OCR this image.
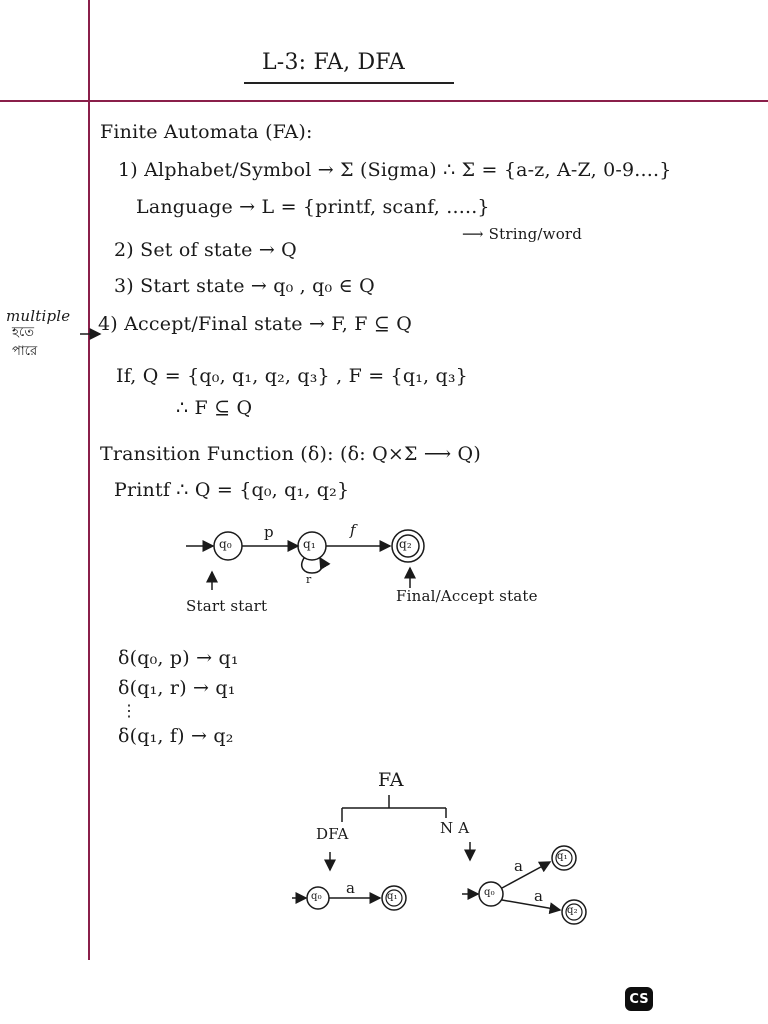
L-3: FA, DFA
multiple
হতে
পারে
Finite Automata (FA):
1) Alphabet/Symbol → Σ (Sigma) ∴ Σ = {a-z, A-Z, 0-9....}
Language → L = {printf, scanf, .....}
⟶ String/word
2) Set of state → Q
3) Start state → q₀ , q₀ ∈ Q
4) Accept/Final state → F, F ⊆ Q
If, Q = {q₀, q₁, q₂, q₃} , F = {q₁, q₃}
∴ F ⊆ Q
Transition Function (δ): (δ: Q×Σ ⟶ Q)
Printf ∴ Q = {q₀, q₁, q₂}
q₀	q₁	q₂
p	f
r
Start start
Final/Accept state
δ(q₀, p) → q₁
δ(q₁, r) → q₁
⋮
δ(q₁, f) → q₂
FA
DFA	N A
q₀	q₁
a	q₀
q₁
q₂
a
a
CS
